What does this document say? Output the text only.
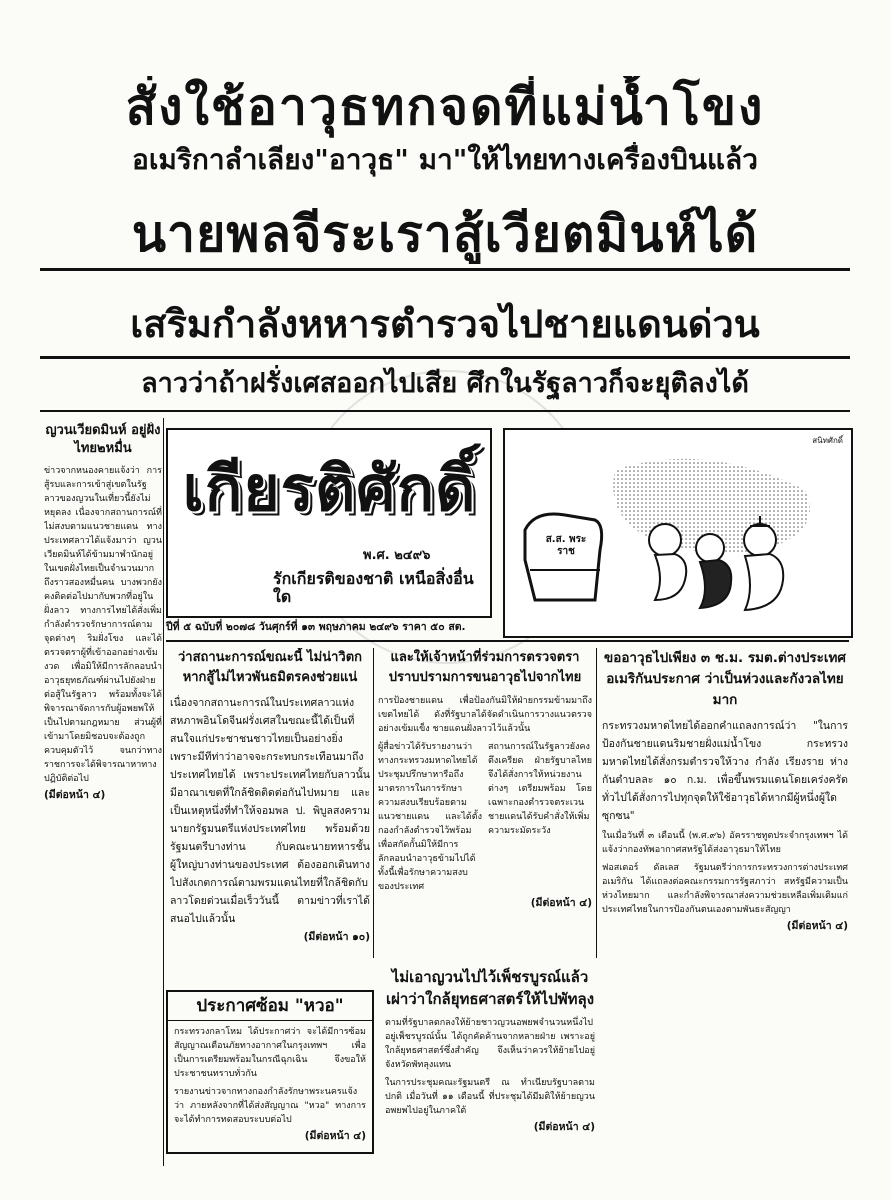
สั่งใช้อาวุธทกจดที่แม่น้ำโขง
อเมริกาลำเลียง"อาวุธ" มา"ให้ไทยทางเครื่องบินแล้ว
นายพลจีระเราสู้เวียตมินห์ได้
เสริมกำลังหหารตำรวจไปชายแดนด่วน
ลาวว่าถ้าฝรั่งเศสออกไปเสีย ศึกในรัฐลาวก็จะยุติลงได้
ญวนเวียดมินห์ อยู่ฝั่งไทย๒หมื่น
ข่าวจากหนองคายแจ้งว่า การสู้รบและการเข้าสู่เขตในรัฐลาวของญวนในเที่ยวนี้ยังไม่หยุดลง เนื่องจากสถานการณ์ที่ไม่สงบตามแนวชายแดน ทางประเทศลาวได้แจ้งมาว่า ญวนเวียดมินห์ได้ข้ามมาพำนักอยู่ในเขตฝั่งไทยเป็นจำนวนมากถึงราวสองหมื่นคน บางพวกยังคงติดต่อไปมากับพวกที่อยู่ในฝั่งลาว ทางการไทยได้สั่งเพิ่มกำลังตำรวจรักษาการณ์ตามจุดต่างๆ ริมฝั่งโขง และได้ตรวจตราผู้ที่เข้าออกอย่างเข้มงวด เพื่อมิให้มีการลักลอบนำอาวุธยุทธภัณฑ์ผ่านไปยังฝ่ายต่อสู้ในรัฐลาว พร้อมทั้งจะได้พิจารณาจัดการกับผู้อพยพให้เป็นไปตามกฎหมาย ส่วนผู้ที่เข้ามาโดยมิชอบจะต้องถูกควบคุมตัวไว้ จนกว่าทางราชการจะได้พิจารณาหาทางปฏิบัติต่อไป
(มีต่อหน้า ๔)
เกียรติศักดิ์
พ.ศ. ๒๔๙๖
รักเกียรติของชาติ เหนือสิ่งอื่นใด
ปีที่ ๕ ฉบับที่ ๒๐๗๘ วันศุกร์ที่ ๑๓ พฤษภาคม ๒๔๙๖ ราคา ๕๐ สต.
สนิทศักดิ์
ส.ส. พระราช
ว่าสถานะการณ์ขณะนี้ ไม่น่าวิตก หากสู้ไม่ไหวพันธมิตรคงช่วยแน่
เนื่องจากสถานะการณ์ในประเทศลาวแห่งสหภาพอินโดจีนฝรั่งเศสในขณะนี้ได้เป็นที่สนใจแก่ประชาชนชาวไทยเป็นอย่างยิ่ง เพราะมีทีท่าว่าอาจจะกระทบกระเทือนมาถึงประเทศไทยได้ เพราะประเทศไทยกับลาวนั้นมีอาณาเขตที่ใกล้ชิดติดต่อกันไปหมาย และเป็นเหตุหนึ่งที่ทำให้จอมพล ป. พิบูลสงคราม นายกรัฐมนตรีแห่งประเทศไทย พร้อมด้วยรัฐมนตรีบางท่าน กับคณะนายทหารชั้นผู้ใหญ่บางท่านของประเทศ ต้องออกเดินทางไปสังเกตการณ์ตามพรมแดนไทยที่ใกล้ชิดกับลาวโดยด่วนเมื่อเร็ววันนี้ ตามข่าวที่เราได้สนอไปแล้วนั้น
(มีต่อหน้า ๑๐)
และให้เจ้าหน้าที่ร่วมการตรวจตรา ปราบปรามการขนอาวุธไปจากไทย
การป้องชายแดน เพื่อป้องกันมิให้ฝ่ายกรรมข้ามมาถึงเขตไทยได้ ดังที่รัฐบาลได้จัดดำเนินการวางแนวตรวจอย่างเข้มแข็ง ชายแดนฝั่งลาวไว้แล้วนั้น
ผู้สื่อข่าวได้รับรายงานว่าทางกระทรวงมหาดไทยได้ประชุมปรึกษาหารือถึงมาตรการในการรักษาความสงบเรียบร้อยตามแนวชายแดน และได้ตั้งกองกำลังตำรวจไว้พร้อมเพื่อสกัดกั้นมิให้มีการลักลอบนำอาวุธข้ามไปได้ ทั้งนี้เพื่อรักษาความสงบของประเทศ
สถานการณ์ในรัฐลาวยังคงตึงเครียด ฝ่ายรัฐบาลไทยจึงได้สั่งการให้หน่วยงานต่างๆ เตรียมพร้อม โดยเฉพาะกองตำรวจตระเวนชายแดนได้รับคำสั่งให้เพิ่มความระมัดระวัง
(มีต่อหน้า ๔)
ขออาวุธไปเพียง ๓ ช.ม. รมต.ต่างประเทศอเมริกันประกาศ ว่าเป็นห่วงและกังวลไทยมาก
กระทรวงมหาดไทยได้ออกคำแถลงการณ์ว่า "ในการป้องกันชายแดนริมชายฝั่งแม่น้ำโขง กระทรวงมหาดไทยได้สั่งกรมตำรวจให้วาง กำลัง เรียงราย ห่างกันตำบลละ ๑๐ ก.ม. เพื่อขึ้นพรมแดนโดยเคร่งครัดทั่วไปได้สั่งการไปทุกจุดให้ใช้อาวุธได้หากมีผู้หนึ่งผู้ใดซุกซน"
ในเมื่อวันที่ ๓ เดือนนี้ (พ.ศ.๙๖) อัครราชทูตประจำกรุงเทพฯ ได้แจ้งว่ากองทัพอากาศสหรัฐได้ส่งอาวุธมาให้ไทย
ฟอสเตอร์ ดัลเลส รัฐมนตรีว่าการกระทรวงการต่างประเทศอเมริกัน ได้แถลงต่อคณะกรรมการรัฐสภาว่า สหรัฐมีความเป็นห่วงไทยมาก และกำลังพิจารณาส่งความช่วยเหลือเพิ่มเติมแก่ประเทศไทยในการป้องกันตนเองตามพันธะสัญญา
(มีต่อหน้า ๔)
ประกาศซ้อม "หวอ"
กระทรวงกลาโหม ได้ประกาศว่า จะได้มีการซ้อมสัญญาณเตือนภัยทางอากาศในกรุงเทพฯ เพื่อเป็นการเตรียมพร้อมในกรณีฉุกเฉิน จึงขอให้ประชาชนทราบทั่วกัน
รายงานข่าวจากทางกองกำลังรักษาพระนครแจ้งว่า ภายหลังจากที่ได้ส่งสัญญาณ "หวอ" ทางการจะได้ทำการทดสอบระบบต่อไป
(มีต่อหน้า ๔)
ไม่เอาญวนไปไว้เพ็ชรบูรณ์แล้ว เผ่าว่าใกล้ยุทธศาสตร์ให้ไปพัทลุง
ตามที่รัฐบาลตกลงให้ย้ายชาวญวนอพยพจำนวนหนึ่งไปอยู่เพ็ชรบูรณ์นั้น ได้ถูกคัดค้านจากหลายฝ่าย เพราะอยู่ใกล้ยุทธศาสตร์ซึ่งสำคัญ จึงเห็นว่าควรให้ย้ายไปอยู่จังหวัดพัทลุงแทน
ในการประชุมคณะรัฐมนตรี ณ ทำเนียบรัฐบาลตามปกติ เมื่อวันที่ ๑๑ เดือนนี้ ที่ประชุมได้มีมติให้ย้ายญวนอพยพไปอยู่ในภาคใต้
(มีต่อหน้า ๔)
